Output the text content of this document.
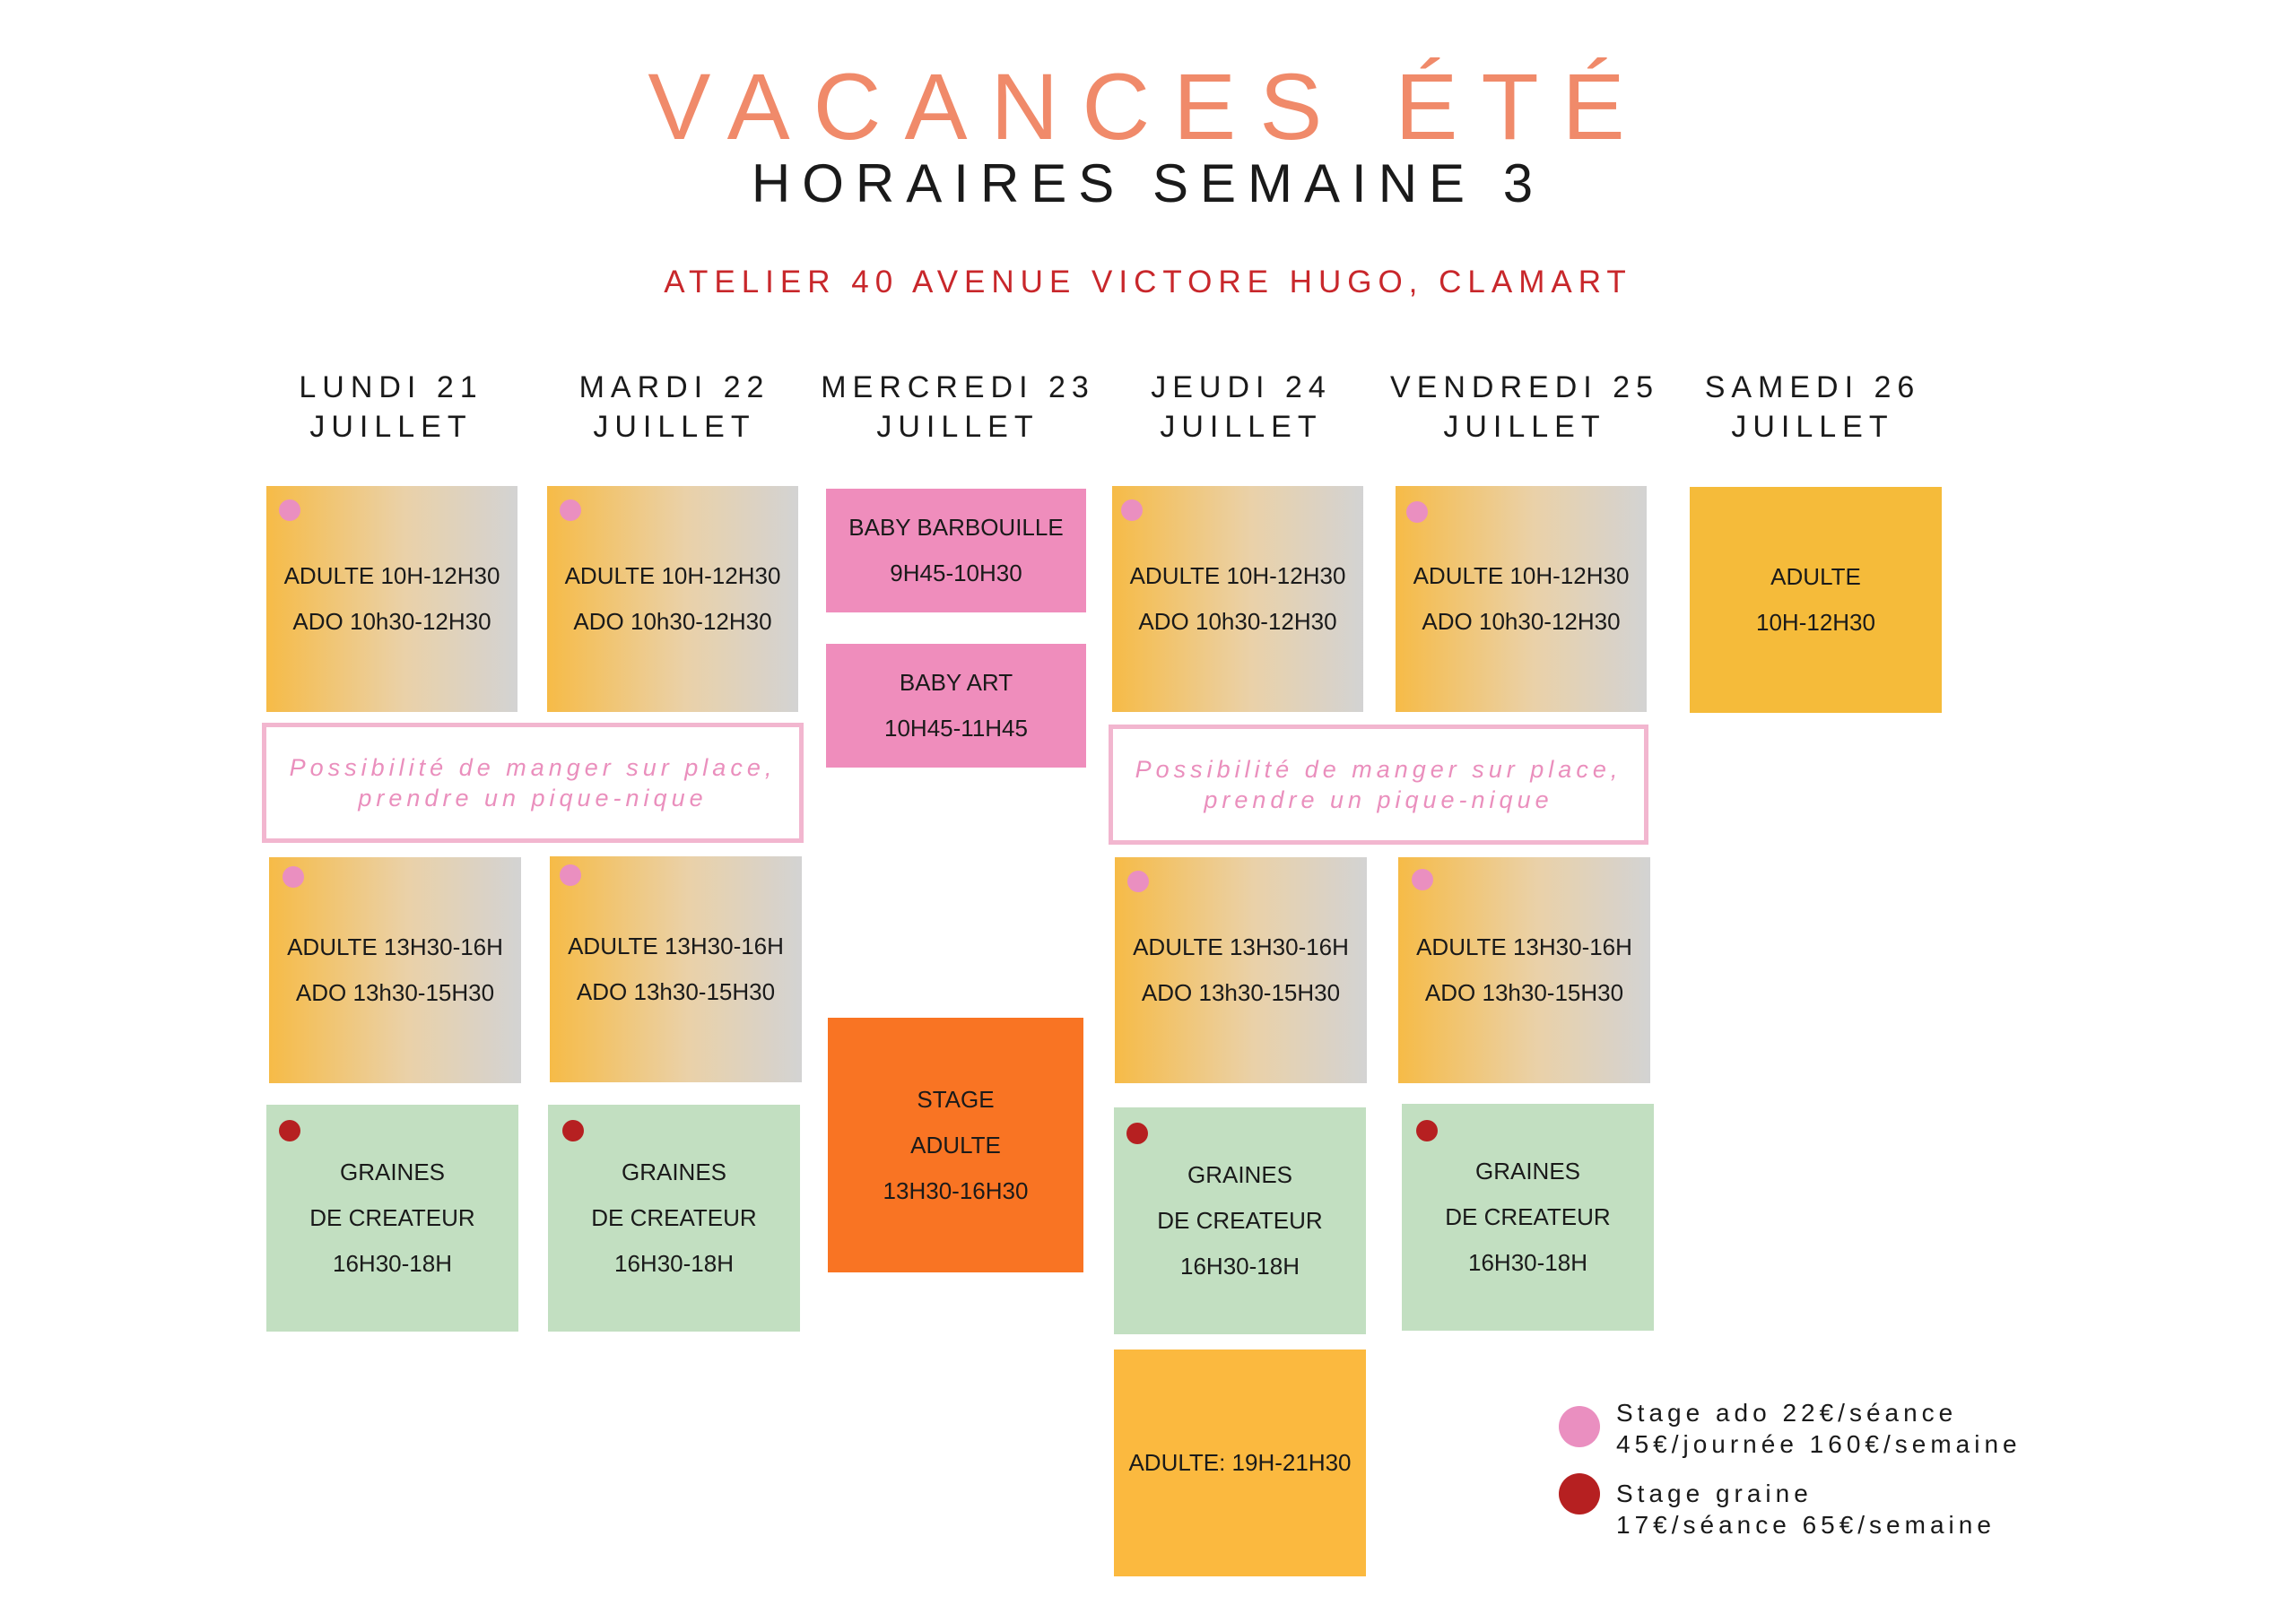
VACANCES ÉTÉ
HORAIRES SEMAINE 3
ATELIER 40 AVENUE VICTORE HUGO, CLAMART
LUNDI 21
JUILLET
MARDI 22
JUILLET
MERCREDI 23
JUILLET
JEUDI 24
JUILLET
VENDREDI 25
JUILLET
SAMEDI 26
JUILLET
ADULTE 10H-12H30
ADO 10h30-12H30
ADULTE 10H-12H30
ADO 10h30-12H30
ADULTE 10H-12H30
ADO 10h30-12H30
ADULTE 10H-12H30
ADO 10h30-12H30
ADULTE
10H-12H30
BABY BARBOUILLE
9H45-10H30
BABY ART
10H45-11H45
STAGE
ADULTE
13H30-16H30
Possibilité de manger sur place,
prendre un pique-nique
Possibilité de manger sur place,
prendre un pique-nique
ADULTE 13H30-16H
ADO 13h30-15H30
ADULTE 13H30-16H
ADO 13h30-15H30
ADULTE 13H30-16H
ADO 13h30-15H30
ADULTE 13H30-16H
ADO 13h30-15H30
GRAINES
DE CREATEUR
16H30-18H
GRAINES
DE CREATEUR
16H30-18H
GRAINES
DE CREATEUR
16H30-18H
GRAINES
DE CREATEUR
16H30-18H
ADULTE: 19H-21H30
Stage ado 22€/séance
45€/journée 160€/semaine
Stage graine
17€/séance 65€/semaine
